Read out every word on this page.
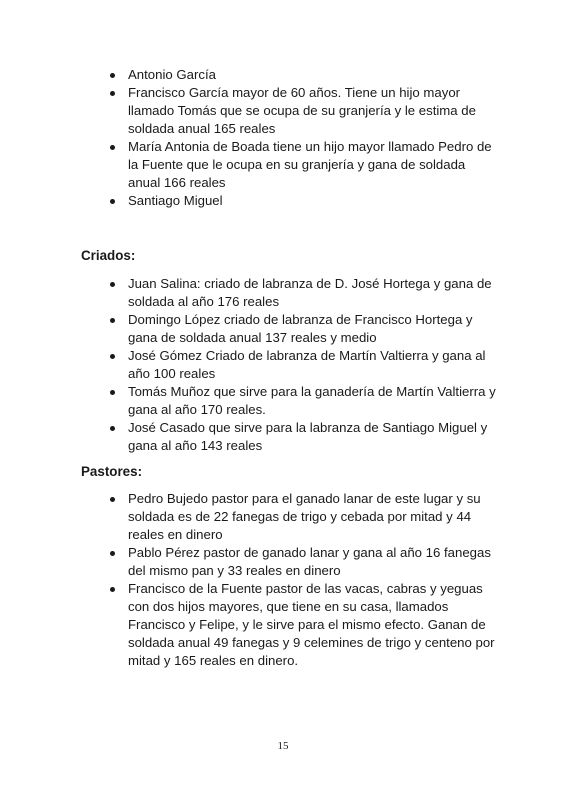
Antonio García
Francisco García mayor de 60 años. Tiene un hijo mayor llamado Tomás que se ocupa de su granjería y le estima de soldada anual 165 reales
María Antonia de Boada tiene un hijo mayor llamado Pedro de la Fuente que le ocupa en su granjería y gana de soldada anual 166 reales
Santiago Miguel
Criados:
Juan Salina: criado de labranza de D. José Hortega y gana de soldada al año 176 reales
Domingo López criado de labranza de Francisco Hortega y gana de soldada anual 137 reales y medio
José Gómez Criado de labranza de Martín Valtierra y gana al año 100 reales
Tomás Muñoz que sirve para la ganadería de Martín Valtierra y gana al año 170 reales.
José Casado que sirve para la labranza de Santiago Miguel y gana al año 143 reales
Pastores:
Pedro Bujedo pastor para el ganado lanar de este lugar y su soldada es de 22 fanegas de trigo y cebada por mitad y 44 reales en dinero
Pablo Pérez pastor de ganado lanar y gana al año 16 fanegas del mismo pan y 33 reales en dinero
Francisco de la Fuente pastor de las vacas, cabras y yeguas con dos hijos mayores, que tiene en su casa, llamados Francisco y Felipe, y le sirve para el mismo efecto. Ganan de soldada anual 49 fanegas y 9 celemines de trigo y centeno por mitad y 165 reales en dinero.
15
